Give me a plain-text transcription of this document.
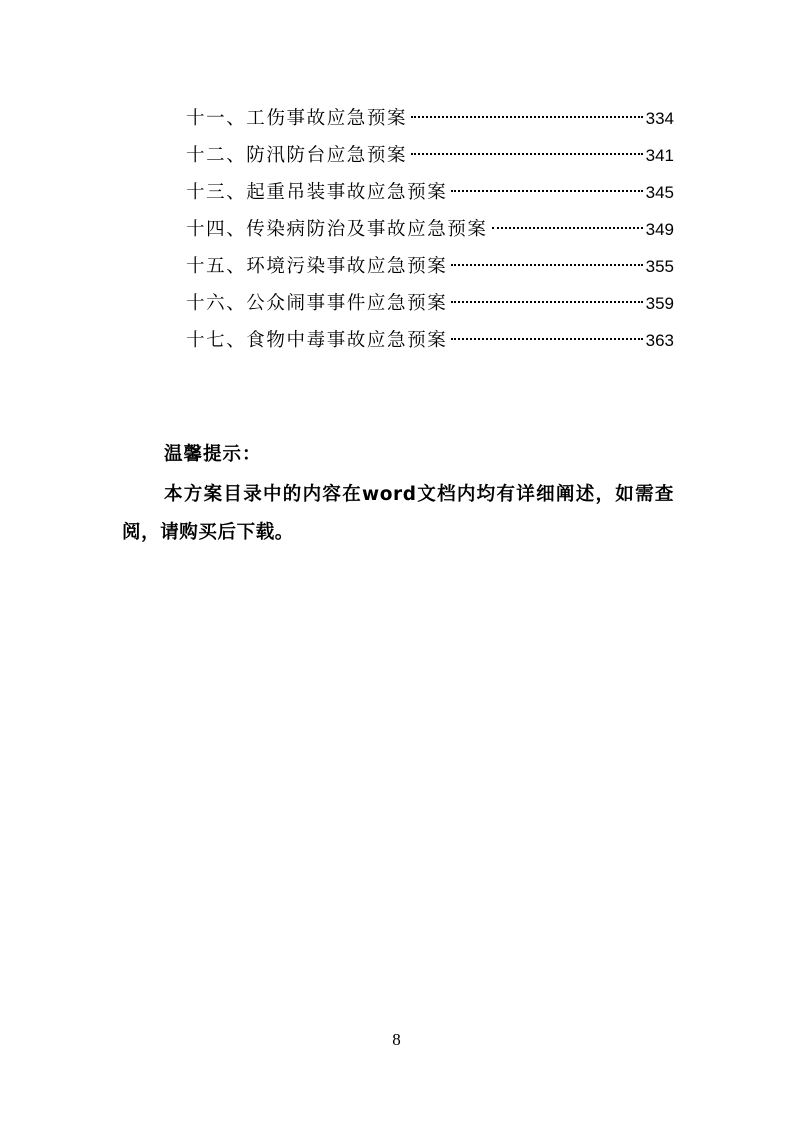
十一、工伤事故应急预案	334
十二、防汛防台应急预案	341
十三、起重吊装事故应急预案	345
十四、传染病防治及事故应急预案	349
十五、环境污染事故应急预案	355
十六、公众闹事事件应急预案	359
十七、食物中毒事故应急预案	363
温馨提示：
本方案目录中的内容在word文档内均有详细阐述，如需查阅，请购买后下载。
8
